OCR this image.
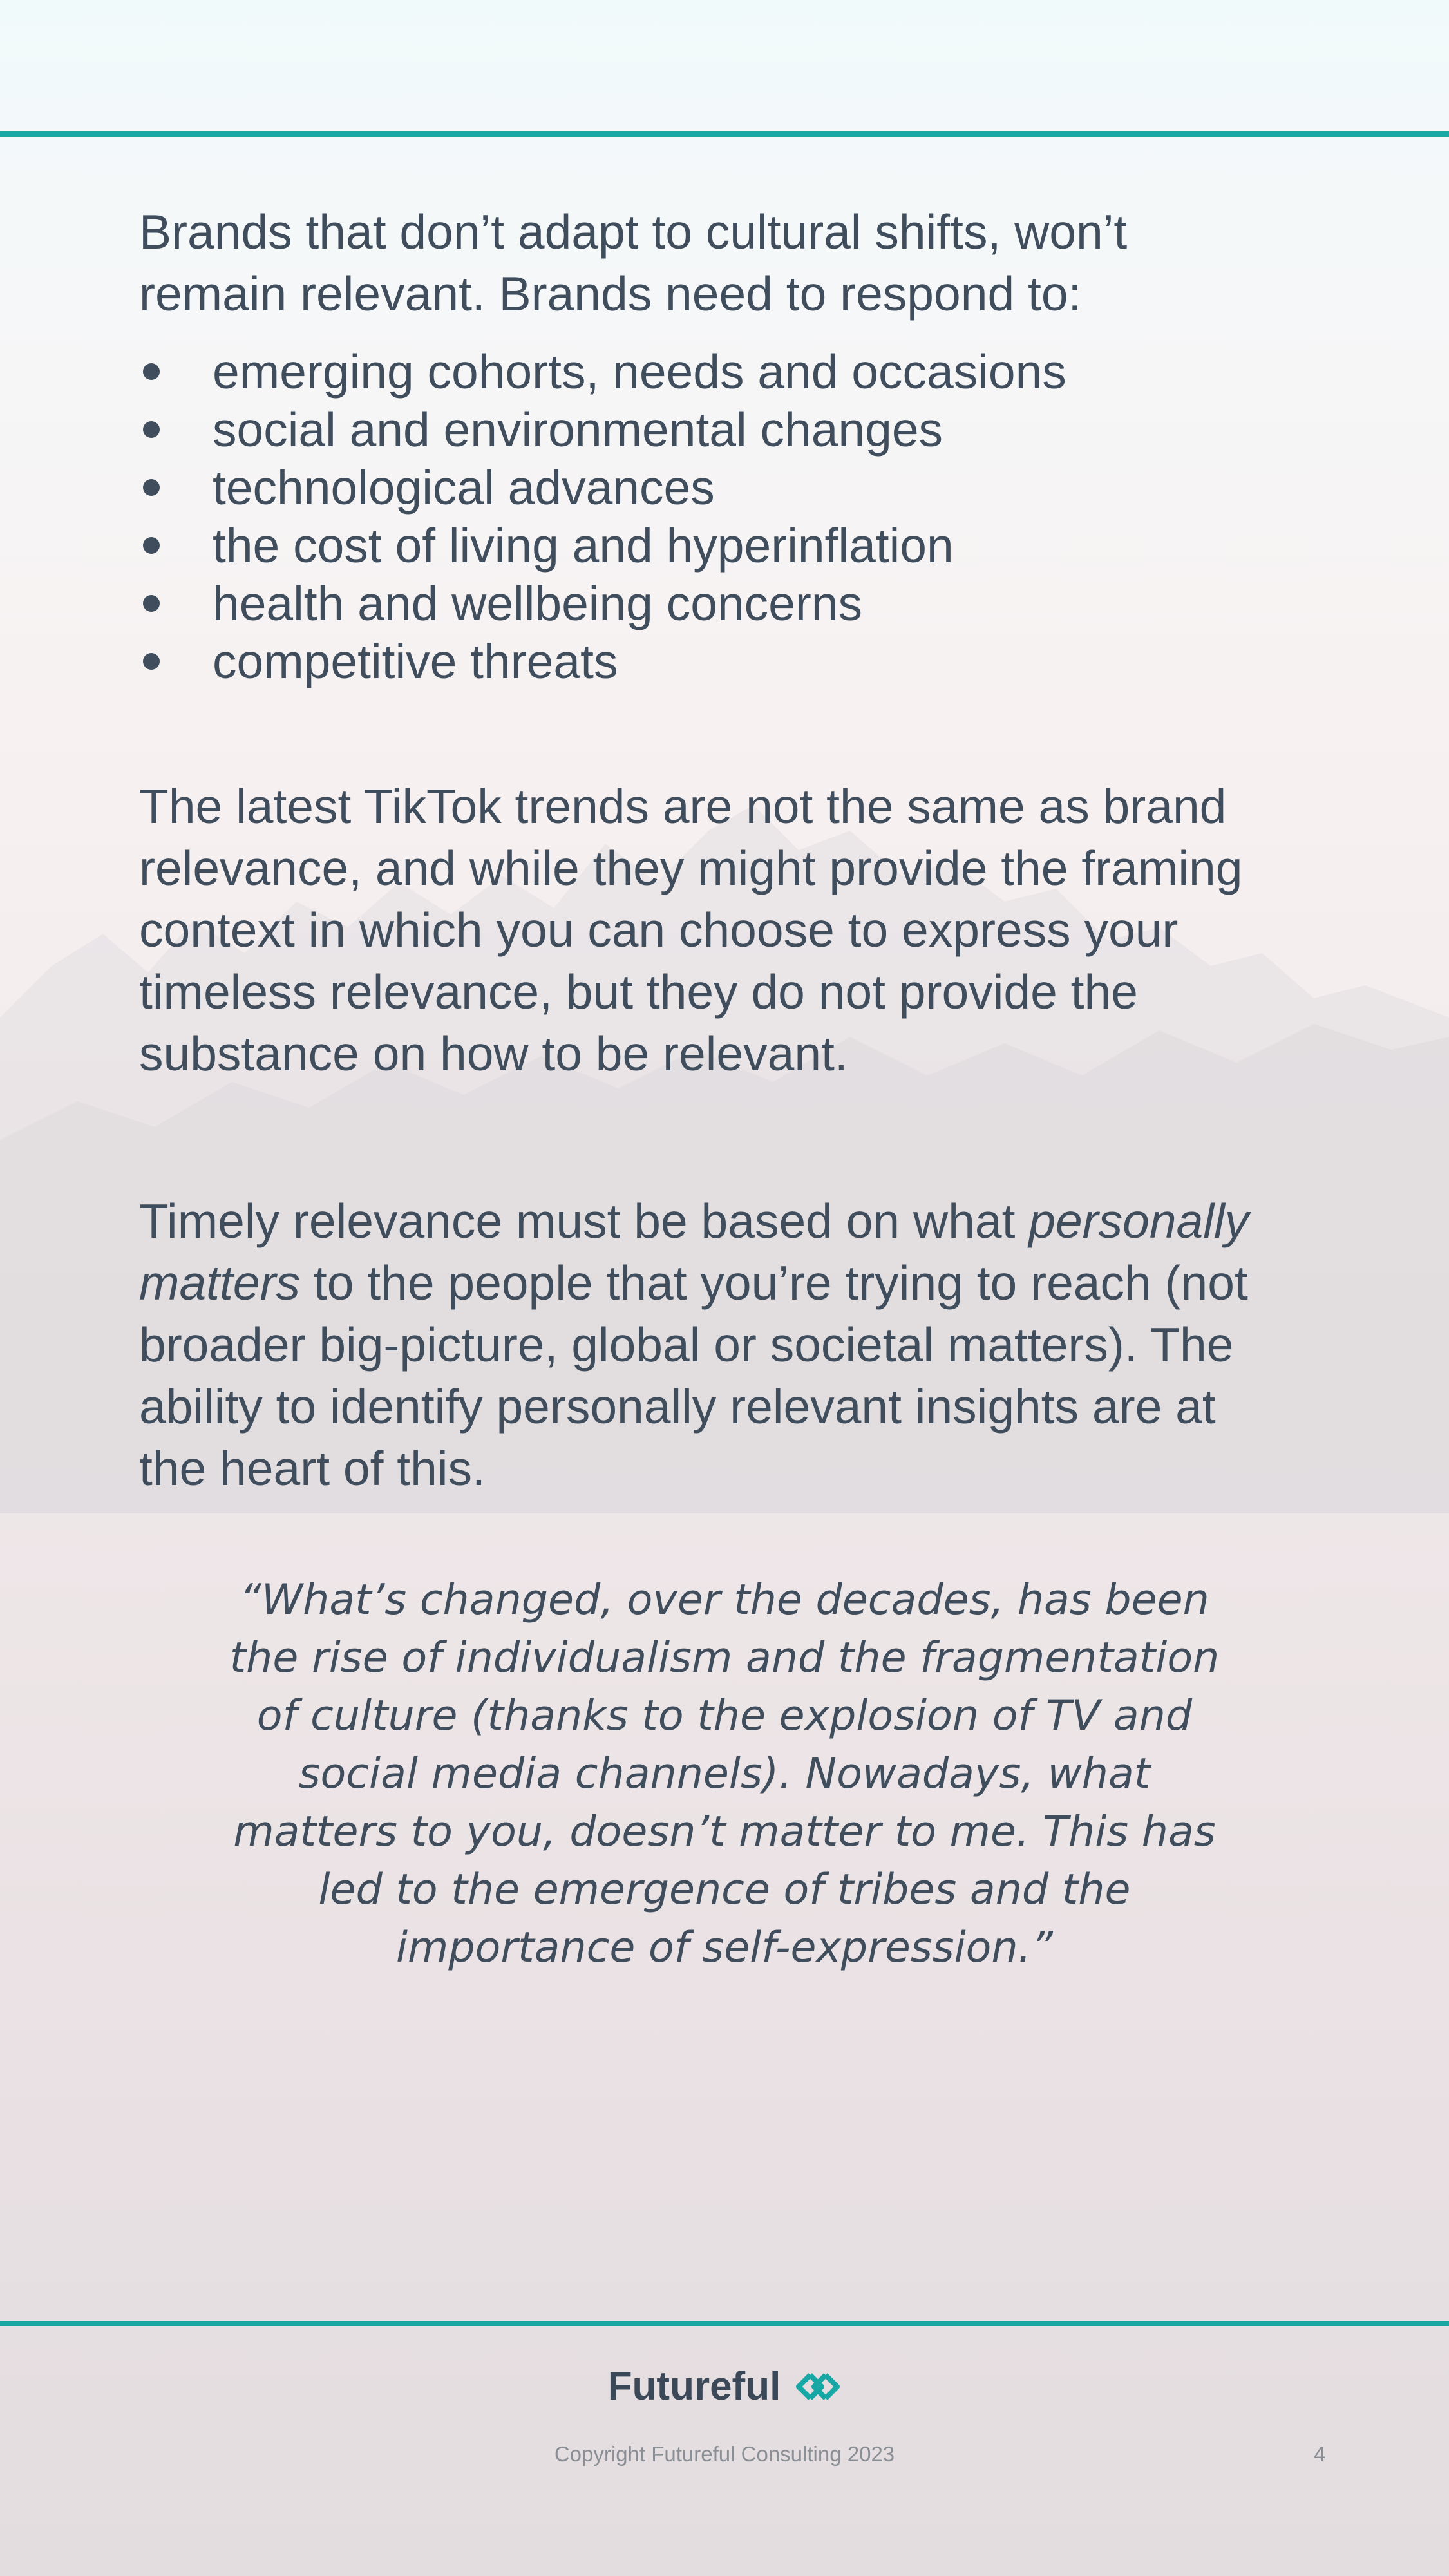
Brands that don’t adapt to cultural shifts, won’t
remain relevant. Brands need to respond to:

emerging cohorts, needs and occasions
social and environmental changes
technological advances
the cost of living and hyperinflation
health and wellbeing concerns
competitive threats

The latest TikTok trends are not the same as brand
relevance, and while they might provide the framing
context in which you can choose to express your
timeless relevance, but they do not provide the
substance on how to be relevant.

Timely relevance must be based on what personally
matters to the people that you’re trying to reach (not
broader big-picture, global or societal matters). The
ability to identify personally relevant insights are at
the heart of this.

“What’s changed, over the decades, has been
the rise of individualism and the fragmentation
of culture (thanks to the explosion of TV and
social media channels). Nowadays, what
matters to you, doesn’t matter to me. This has
led to the emergence of tribes and the
importance of self-expression.”
Futureful
Copyright Futureful Consulting 2023	4
